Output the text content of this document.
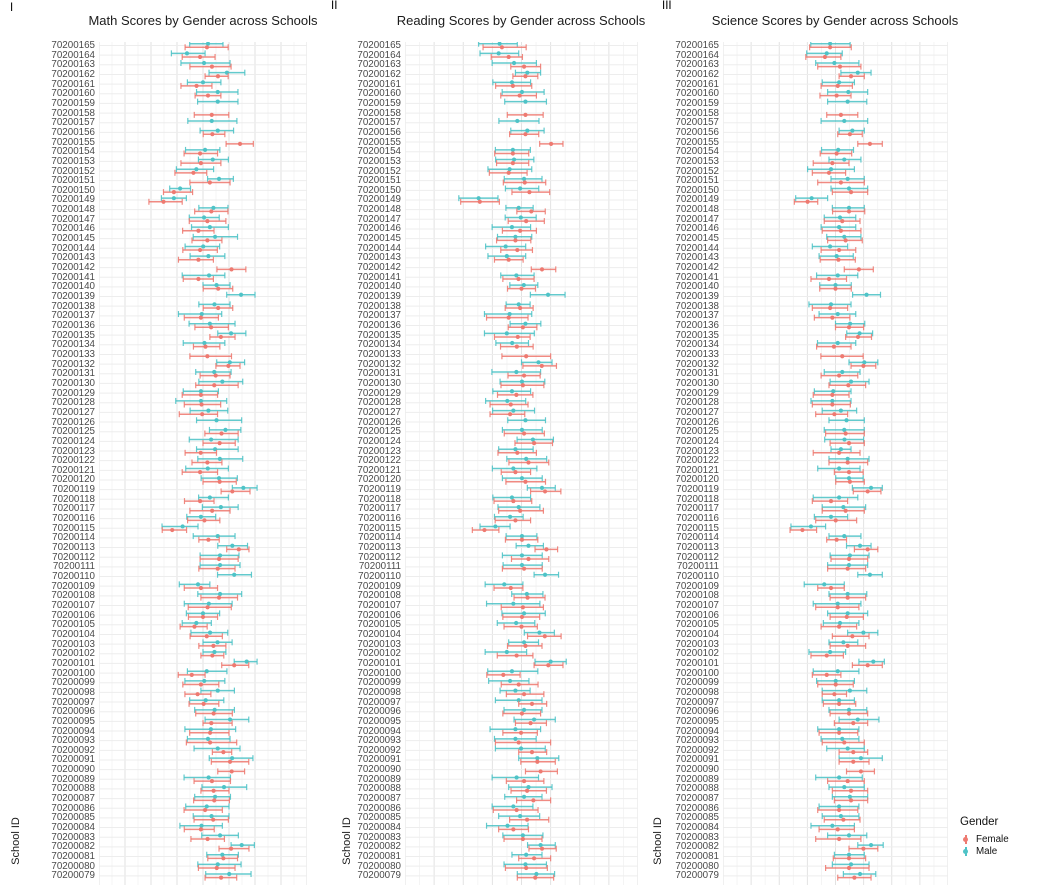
I	II	III
Math Scores by Gender across Schools	Reading Scores by Gender across Schools	Science Scores by Gender across Schools
School ID	School ID	School ID
70200165
70200164
70200163
70200162
70200161
70200160
70200159
70200158
70200157
70200156
70200155
70200154
70200153
70200152
70200151
70200150
70200149
70200148
70200147
70200146
70200145
70200144
70200143
70200142
70200141
70200140
70200139
70200138
70200137
70200136
70200135
70200134
70200133
70200132
70200131
70200130
70200129
70200128
70200127
70200126
70200125
70200124
70200123
70200122
70200121
70200120
70200119
70200118
70200117
70200116
70200115
70200114
70200113
70200112
70200111
70200110
70200109
70200108
70200107
70200106
70200105
70200104
70200103
70200102
70200101
70200100
70200099
70200098
70200097
70200096
70200095
70200094
70200093
70200092
70200091
70200090
70200089
70200088
70200087
70200086
70200085
70200084
70200083
70200082
70200081
70200080
70200079
70200165
70200164
70200163
70200162
70200161
70200160
70200159
70200158
70200157
70200156
70200155
70200154
70200153
70200152
70200151
70200150
70200149
70200148
70200147
70200146
70200145
70200144
70200143
70200142
70200141
70200140
70200139
70200138
70200137
70200136
70200135
70200134
70200133
70200132
70200131
70200130
70200129
70200128
70200127
70200126
70200125
70200124
70200123
70200122
70200121
70200120
70200119
70200118
70200117
70200116
70200115
70200114
70200113
70200112
70200111
70200110
70200109
70200108
70200107
70200106
70200105
70200104
70200103
70200102
70200101
70200100
70200099
70200098
70200097
70200096
70200095
70200094
70200093
70200092
70200091
70200090
70200089
70200088
70200087
70200086
70200085
70200084
70200083
70200082
70200081
70200080
70200079
70200165
70200164
70200163
70200162
70200161
70200160
70200159
70200158
70200157
70200156
70200155
70200154
70200153
70200152
70200151
70200150
70200149
70200148
70200147
70200146
70200145
70200144
70200143
70200142
70200141
70200140
70200139
70200138
70200137
70200136
70200135
70200134
70200133
70200132
70200131
70200130
70200129
70200128
70200127
70200126
70200125
70200124
70200123
70200122
70200121
70200120
70200119
70200118
70200117
70200116
70200115
70200114
70200113
70200112
70200111
70200110
70200109
70200108
70200107
70200106
70200105
70200104
70200103
70200102
70200101
70200100
70200099
70200098
70200097
70200096
70200095
70200094
70200093
70200092
70200091
70200090
70200089
70200088
70200087
70200086
70200085
70200084
70200083
70200082
70200081
70200080
70200079
Gender
Female
Male
